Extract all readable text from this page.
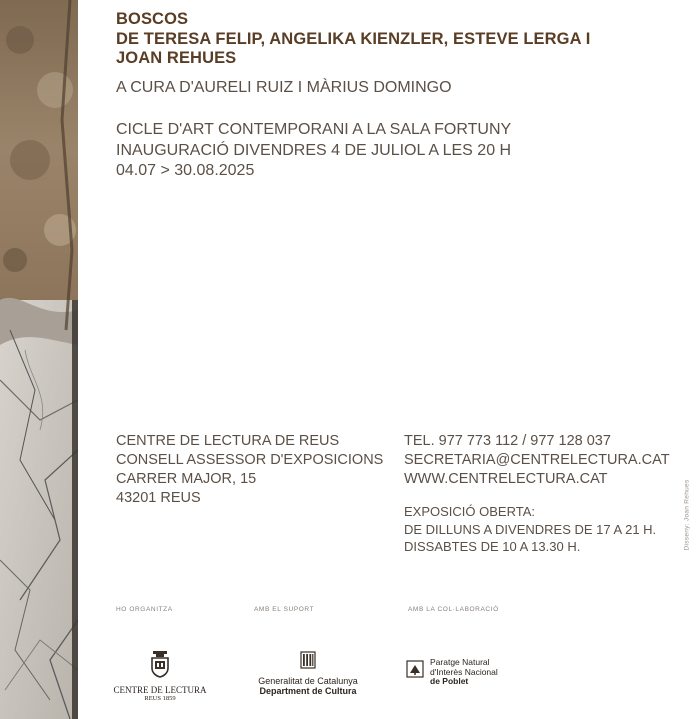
BOSCOS
DE TERESA FELIP, ANGELIKA KIENZLER, ESTEVE LERGA I
JOAN REHUES
A CURA D'AURELI RUIZ I MÀRIUS DOMINGO
CICLE D'ART CONTEMPORANI A LA SALA FORTUNY
INAUGURACIÓ DIVENDRES 4 DE JULIOL A LES 20 H
04.07 > 30.08.2025
CENTRE DE LECTURA DE REUS
CONSELL ASSESSOR D'EXPOSICIONS
CARRER MAJOR, 15
43201 REUS
TEL. 977 773 112 / 977 128 037
SECRETARIA@CENTRELECTURA.CAT
WWW.CENTRELECTURA.CAT
EXPOSICIÓ OBERTA:
DE DILLUNS A DIVENDRES DE 17 A 21 H.
DISSABTES DE 10 A 13.30 H.
HO ORGANITZA	AMB EL SUPORT	AMB LA COL·LABORACIÓ
CENTRE DE LECTURA
REUS 1859
Generalitat de Catalunya
Department de Cultura
Paratge Natural
d'Interès Nacional
de Poblet
Disseny: Joan Rehues
